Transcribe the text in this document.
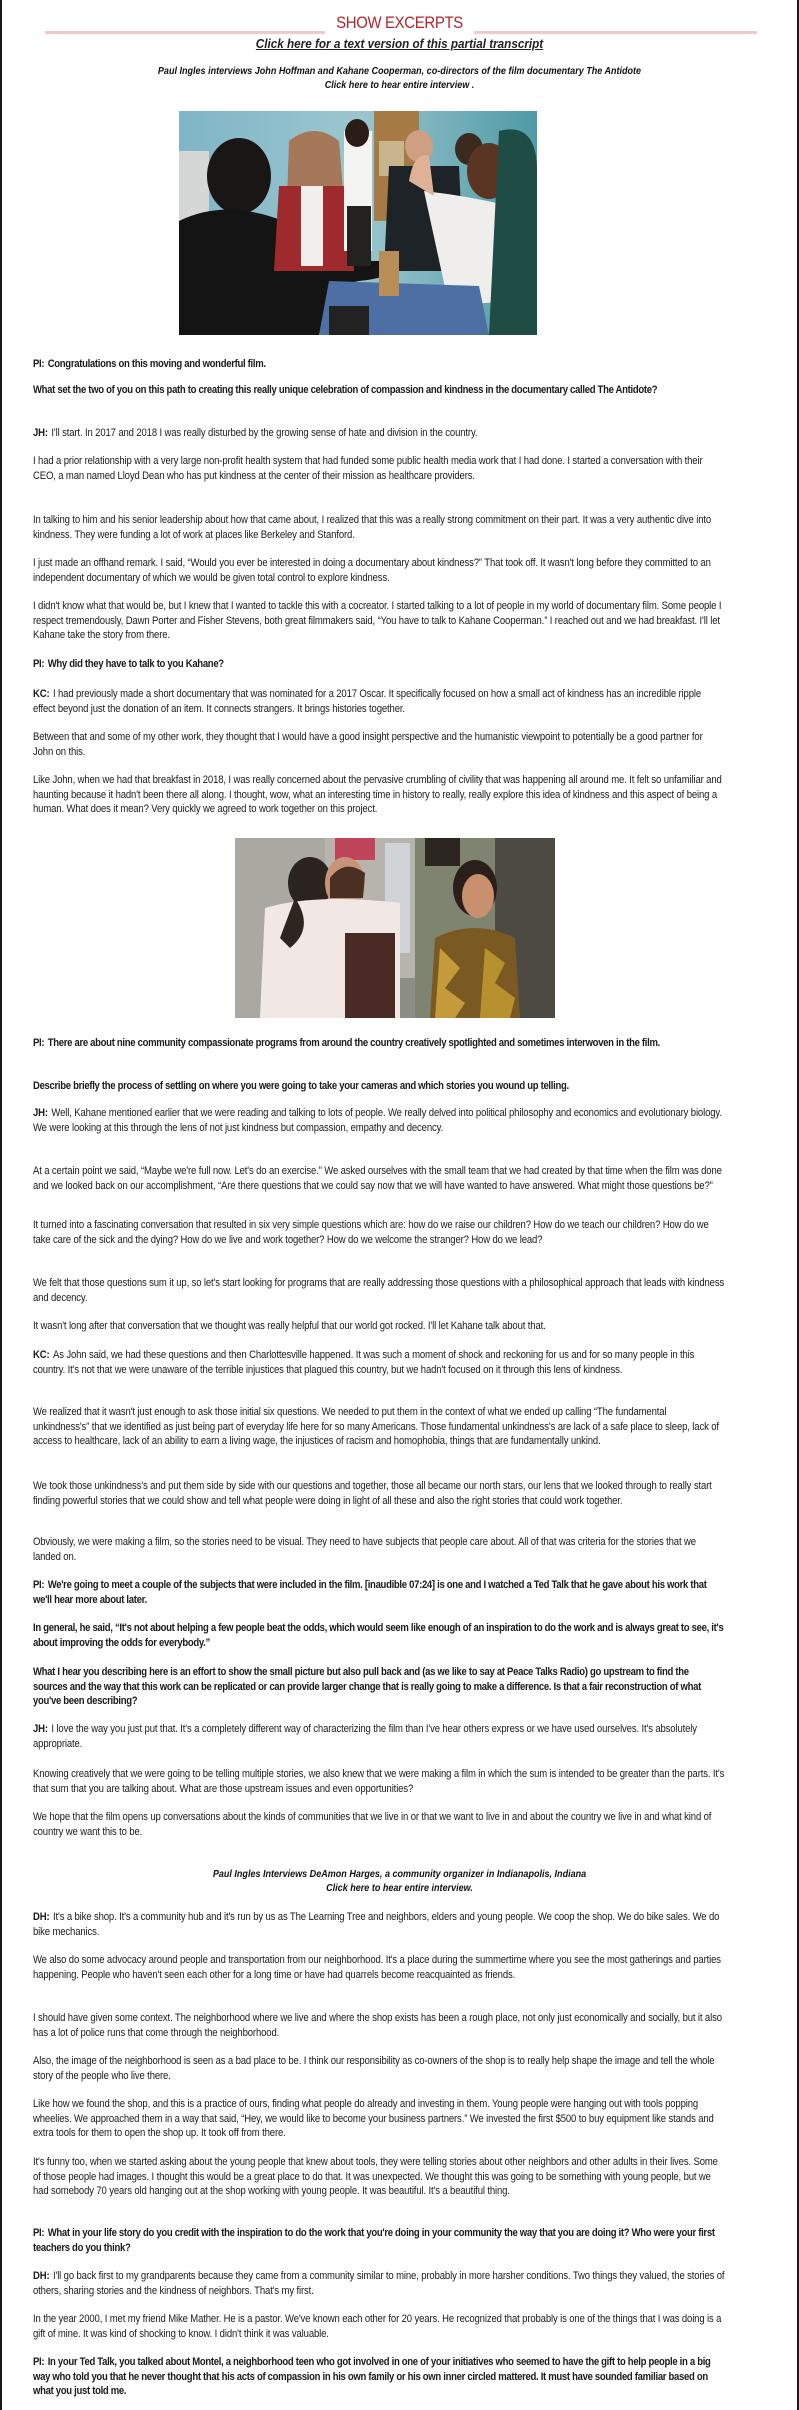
SHOW EXCERPTS
Click here for a text version of this partial transcript
Paul Ingles interviews John Hoffman and Kahane Cooperman, co-directors of the film documentary The Antidote
Click here to hear entire interview .

PI: Congratulations on this moving and wonderful film.

What set the two of you on this path to creating this really unique celebration of compassion and kindness in the documentary called The Antidote?

JH: I'll start. In 2017 and 2018 I was really disturbed by the growing sense of hate and division in the country.

I had a prior relationship with a very large non-profit health system that had funded some public health media work that I had done. I started a conversation with their CEO, a man named Lloyd Dean who has put kindness at the center of their mission as healthcare providers.

In talking to him and his senior leadership about how that came about, I realized that this was a really strong commitment on their part. It was a very authentic dive into kindness. They were funding a lot of work at places like Berkeley and Stanford.

I just made an offhand remark. I said, “Would you ever be interested in doing a documentary about kindness?” That took off. It wasn't long before they committed to an independent documentary of which we would be given total control to explore kindness.

I didn't know what that would be, but I knew that I wanted to tackle this with a cocreator. I started talking to a lot of people in my world of documentary film. Some people I respect tremendously, Dawn Porter and Fisher Stevens, both great filmmakers said, “You have to talk to Kahane Cooperman.” I reached out and we had breakfast. I'll let Kahane take the story from there.

PI: Why did they have to talk to you Kahane?

KC: I had previously made a short documentary that was nominated for a 2017 Oscar. It specifically focused on how a small act of kindness has an incredible ripple effect beyond just the donation of an item. It connects strangers. It brings histories together.

Between that and some of my other work, they thought that I would have a good insight perspective and the humanistic viewpoint to potentially be a good partner for John on this.

Like John, when we had that breakfast in 2018, I was really concerned about the pervasive crumbling of civility that was happening all around me. It felt so unfamiliar and haunting because it hadn't been there all along. I thought, wow, what an interesting time in history to really, really explore this idea of kindness and this aspect of being a human. What does it mean? Very quickly we agreed to work together on this project.

PI: There are about nine community compassionate programs from around the country creatively spotlighted and sometimes interwoven in the film.

Describe briefly the process of settling on where you were going to take your cameras and which stories you wound up telling.

JH: Well, Kahane mentioned earlier that we were reading and talking to lots of people. We really delved into political philosophy and economics and evolutionary biology. We were looking at this through the lens of not just kindness but compassion, empathy and decency.

At a certain point we said, “Maybe we're full now. Let's do an exercise.” We asked ourselves with the small team that we had created by that time when the film was done and we looked back on our accomplishment, “Are there questions that we could say now that we will have wanted to have answered. What might those questions be?”

It turned into a fascinating conversation that resulted in six very simple questions which are: how do we raise our children? How do we teach our children? How do we take care of the sick and the dying? How do we live and work together? How do we welcome the stranger? How do we lead?

We felt that those questions sum it up, so let's start looking for programs that are really addressing those questions with a philosophical approach that leads with kindness and decency.

It wasn't long after that conversation that we thought was really helpful that our world got rocked. I'll let Kahane talk about that.

KC: As John said, we had these questions and then Charlottesville happened. It was such a moment of shock and reckoning for us and for so many people in this country. It's not that we were unaware of the terrible injustices that plagued this country, but we hadn't focused on it through this lens of kindness.

We realized that it wasn't just enough to ask those initial six questions. We needed to put them in the context of what we ended up calling “The fundamental unkindness's” that we identified as just being part of everyday life here for so many Americans. Those fundamental unkindness's are lack of a safe place to sleep, lack of access to healthcare, lack of an ability to earn a living wage, the injustices of racism and homophobia, things that are fundamentally unkind.

We took those unkindness's and put them side by side with our questions and together, those all became our north stars, our lens that we looked through to really start finding powerful stories that we could show and tell what people were doing in light of all these and also the right stories that could work together.

Obviously, we were making a film, so the stories need to be visual. They need to have subjects that people care about. All of that was criteria for the stories that we landed on.

PI: We're going to meet a couple of the subjects that were included in the film. [inaudible 07:24] is one and I watched a Ted Talk that he gave about his work that we'll hear more about later.

In general, he said, “It's not about helping a few people beat the odds, which would seem like enough of an inspiration to do the work and is always great to see, it's about improving the odds for everybody.”

What I hear you describing here is an effort to show the small picture but also pull back and (as we like to say at Peace Talks Radio) go upstream to find the sources and the way that this work can be replicated or can provide larger change that is really going to make a difference. Is that a fair reconstruction of what you've been describing?

JH: I love the way you just put that. It's a completely different way of characterizing the film than I've hear others express or we have used ourselves. It's absolutely appropriate.

Knowing creatively that we were going to be telling multiple stories, we also knew that we were making a film in which the sum is intended to be greater than the parts. It's that sum that you are talking about. What are those upstream issues and even opportunities?

We hope that the film opens up conversations about the kinds of communities that we live in or that we want to live in and about the country we live in and what kind of country we want this to be.

Paul Ingles Interviews DeAmon Harges, a community organizer in Indianapolis, Indiana
Click here to hear entire interview.

DH: It's a bike shop. It's a community hub and it's run by us as The Learning Tree and neighbors, elders and young people. We coop the shop. We do bike sales. We do bike mechanics.

We also do some advocacy around people and transportation from our neighborhood. It's a place during the summertime where you see the most gatherings and parties happening. People who haven't seen each other for a long time or have had quarrels become reacquainted as friends.

I should have given some context. The neighborhood where we live and where the shop exists has been a rough place, not only just economically and socially, but it also has a lot of police runs that come through the neighborhood.

Also, the image of the neighborhood is seen as a bad place to be. I think our responsibility as co-owners of the shop is to really help shape the image and tell the whole story of the people who live there.

Like how we found the shop, and this is a practice of ours, finding what people do already and investing in them. Young people were hanging out with tools popping wheelies. We approached them in a way that said, “Hey, we would like to become your business partners.” We invested the first $500 to buy equipment like stands and extra tools for them to open the shop up. It took off from there.

It's funny too, when we started asking about the young people that knew about tools, they were telling stories about other neighbors and other adults in their lives. Some of those people had images. I thought this would be a great place to do that. It was unexpected. We thought this was going to be something with young people, but we had somebody 70 years old hanging out at the shop working with young people. It was beautiful. It's a beautiful thing.

PI: What in your life story do you credit with the inspiration to do the work that you're doing in your community the way that you are doing it? Who were your first teachers do you think?

DH: I'll go back first to my grandparents because they came from a community similar to mine, probably in more harsher conditions. Two things they valued, the stories of others, sharing stories and the kindness of neighbors. That's my first.

In the year 2000, I met my friend Mike Mather. He is a pastor. We've known each other for 20 years. He recognized that probably is one of the things that I was doing is a gift of mine. It was kind of shocking to know. I didn't think it was valuable.

PI: In your Ted Talk, you talked about Montel, a neighborhood teen who got involved in one of your initiatives who seemed to have the gift to help people in a big way who told you that he never thought that his acts of compassion in his own family or his own inner circled mattered. It must have sounded familiar based on what you just told me.
